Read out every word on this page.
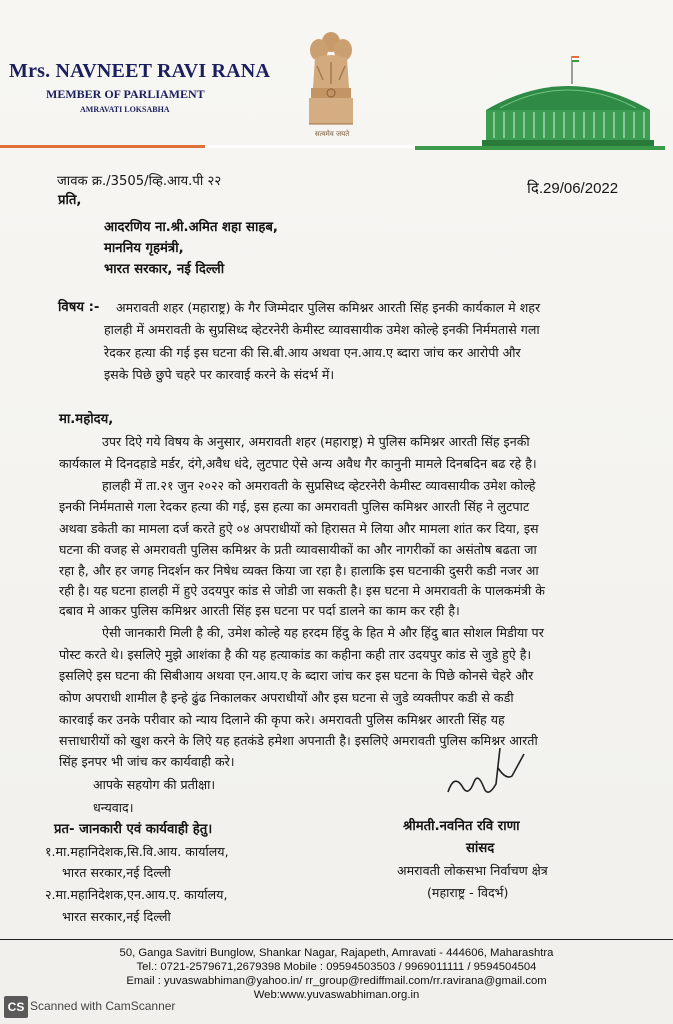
Mrs. NAVNEET RAVI RANA
MEMBER OF PARLIAMENT
AMRAVATI LOKSABHA
सत्यमेव जयते
जावक क्र./3505/व्हि.आय.पी २२	दि.29/06/2022
प्रति,
आदरणिय ना.श्री.अमित शहा साहब,
माननिय गृहमंत्री,
भारत सरकार, नई दिल्ली
विषय :- अमरावती शहर (महाराष्ट्र) के गैर जिम्मेदार पुलिस कमिश्नर आरती सिंह इनकी कार्यकाल मे शहर
हालही में अमरावती के सुप्रसिध्द व्हेटरनेरी केमीस्ट व्यावसायीक उमेश कोल्हे इनकी निर्ममतासे गला
रेदकर हत्या की गई इस घटना की सि.बी.आय अथवा एन.आय.ए ब्दारा जांच कर आरोपी और
इसके पिछे छुपे चहरे पर कारवाई करने के संदर्भ में।
मा.महोदय,
उपर दिऐ गये विषय के अनुसार, अमरावती शहर (महाराष्ट्र) मे पुलिस कमिश्नर आरती सिंह इनकी
कार्यकाल मे दिनदहाडे मर्डर, दंगे,अवैध धंदे, लुटपाट ऐसे अन्य अवैध गैर कानुनी मामले दिनबदिन बढ रहे है।
हालही में ता.२१ जुन २०२२ को अमरावती के सुप्रसिध्द व्हेटरनेरी केमीस्ट व्यावसायीक उमेश कोल्हे
इनकी निर्ममतासे गला रेदकर हत्या की गई, इस हत्या का अमरावती पुलिस कमिश्नर आरती सिंह ने लुटपाट
अथवा डकेती का मामला दर्ज करते हुऐ ०४ अपराधीयों को हिरासत मे लिया और मामला शांत कर दिया, इस
घटना की वजह से अमरावती पुलिस कमिश्नर के प्रती व्यावसायीकों का और नागरीकों का असंतोष बढता जा
रहा है, और हर जगह निदर्शन कर निषेध व्यक्त किया जा रहा है। हालाकि इस घटनाकी दुसरी कडी नजर आ
रही है। यह घटना हालही में हुऐ उदयपुर कांड से जोडी जा सकती है। इस घटना मे अमरावती के पालकमंत्री के
दबाव मे आकर पुलिस कमिश्नर आरती सिंह इस घटना पर पर्दा डालने का काम कर रही है।
ऐसी जानकारी मिली है की, उमेश कोल्हे यह हरदम हिंदु के हित मे और हिंदु बात सोशल मिडीया पर
पोस्ट करते थे। इसलिऐ मुझे आशंका है की यह हत्याकांड का कहीना कही तार उदयपुर कांड से जुडे हुऐ है।
इसलिऐ इस घटना की सिबीआय अथवा एन.आय.ए के ब्दारा जांच कर इस घटना के पिछे कोनसे चेहरे और
कोण अपराधी शामील है इन्हे ढुंढ निकालकर अपराधीयों और इस घटना से जुडे व्यक्तीपर कडी से कडी
कारवाई कर उनके परीवार को न्याय दिलाने की कृपा करे। अमरावती पुलिस कमिश्नर आरती सिंह यह
सत्ताधारीयों को खुश करने के लिऐ यह हतकंडे हमेशा अपनाती है। इसलिऐ अमरावती पुलिस कमिश्नर आरती
सिंह इनपर भी जांच कर कार्यवाही करे।
आपके सहयोग की प्रतीक्षा।
धन्यवाद।
प्रत- जानकारी एवं कार्यवाही हेतु।
१.मा.महानिदेशक,सि.वि.आय. कार्यालय,
भारत सरकार,नई दिल्ली
२.मा.महानिदेशक,एन.आय.ए. कार्यालय,
भारत सरकार,नई दिल्ली
श्रीमती.नवनित रवि राणा
सांसद
अमरावती लोकसभा निर्वाचण क्षेत्र
(महाराष्ट्र - विदर्भ)
50, Ganga Savitri Bunglow, Shankar Nagar, Rajapeth, Amravati - 444606, Maharashtra
Tel.: 0721-2579671,2679398 Mobile : 09594503503 / 9969011111 / 9594504504
Email : yuvaswabhiman@yahoo.in/ rr_group@rediffmail.com/rr.ravirana@gmail.com
Web:www.yuvaswabhiman.org.in
CS Scanned with CamScanner
